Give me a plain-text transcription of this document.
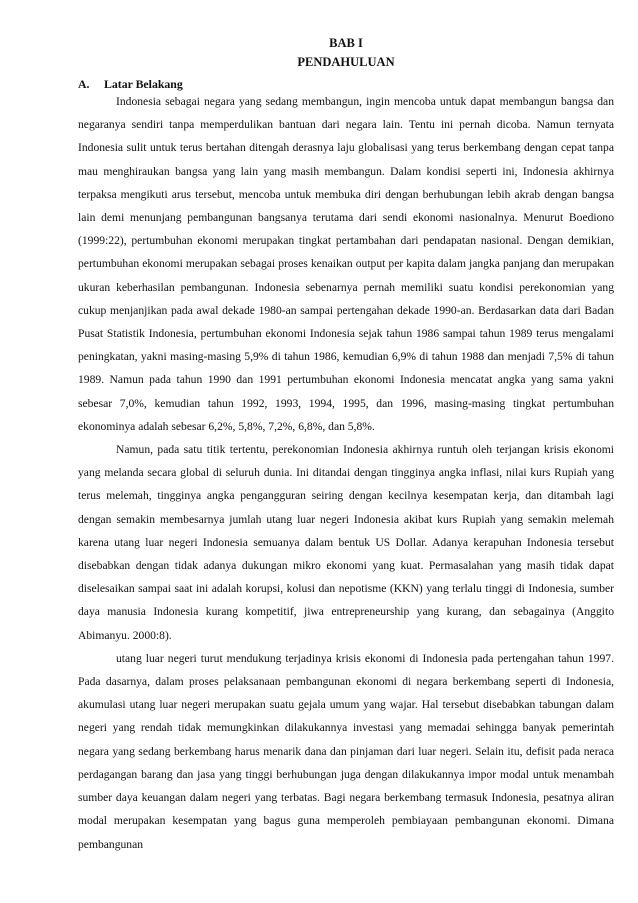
BAB I
PENDAHULUAN
A.	Latar Belakang

Indonesia sebagai negara yang sedang membangun, ingin mencoba untuk dapat membangun bangsa dan negaranya sendiri tanpa memperdulikan bantuan dari negara lain. Tentu ini pernah dicoba. Namun ternyata Indonesia sulit untuk terus bertahan ditengah derasnya laju globalisasi yang terus berkembang dengan cepat tanpa mau menghiraukan bangsa yang lain yang masih membangun. Dalam kondisi seperti ini, Indonesia akhirnya terpaksa mengikuti arus tersebut, mencoba untuk membuka diri dengan berhubungan lebih akrab dengan bangsa lain demi menunjang pembangunan bangsanya terutama dari sendi ekonomi nasionalnya. Menurut Boediono (1999:22), pertumbuhan ekonomi merupakan tingkat pertambahan dari pendapatan nasional. Dengan demikian, pertumbuhan ekonomi merupakan sebagai proses kenaikan output per kapita dalam jangka panjang dan merupakan ukuran keberhasilan pembangunan. Indonesia sebenarnya pernah memiliki suatu kondisi perekonomian yang cukup menjanjikan pada awal dekade 1980-an sampai pertengahan dekade 1990-an. Berdasarkan data dari Badan Pusat Statistik Indonesia, pertumbuhan ekonomi Indonesia sejak tahun 1986 sampai tahun 1989 terus mengalami peningkatan, yakni masing-masing 5,9% di tahun 1986, kemudian 6,9% di tahun 1988 dan menjadi 7,5% di tahun 1989. Namun pada tahun 1990 dan 1991 pertumbuhan ekonomi Indonesia mencatat angka yang sama yakni sebesar 7,0%, kemudian tahun 1992, 1993, 1994, 1995, dan 1996, masing-masing tingkat pertumbuhan ekonominya adalah sebesar 6,2%, 5,8%, 7,2%, 6,8%, dan 5,8%.

Namun, pada satu titik tertentu, perekonomian Indonesia akhirnya runtuh oleh terjangan krisis ekonomi yang melanda secara global di seluruh dunia. Ini ditandai dengan tingginya angka inflasi, nilai kurs Rupiah yang terus melemah, tingginya angka pengangguran seiring dengan kecilnya kesempatan kerja, dan ditambah lagi dengan semakin membesarnya jumlah utang luar negeri Indonesia akibat kurs Rupiah yang semakin melemah karena utang luar negeri Indonesia semuanya dalam bentuk US Dollar. Adanya kerapuhan Indonesia tersebut disebabkan dengan tidak adanya dukungan mikro ekonomi yang kuat. Permasalahan yang masih tidak dapat diselesaikan sampai saat ini adalah korupsi, kolusi dan nepotisme (KKN) yang terlalu tinggi di Indonesia, sumber daya manusia Indonesia kurang kompetitif, jiwa entrepreneurship yang kurang, dan sebagainya (Anggito Abimanyu. 2000:8).

utang luar negeri turut mendukung terjadinya krisis ekonomi di Indonesia pada pertengahan tahun 1997. Pada dasarnya, dalam proses pelaksanaan pembangunan ekonomi di negara berkembang seperti di Indonesia, akumulasi utang luar negeri merupakan suatu gejala umum yang wajar. Hal tersebut disebabkan tabungan dalam negeri yang rendah tidak memungkinkan dilakukannya investasi yang memadai sehingga banyak pemerintah negara yang sedang berkembang harus menarik dana dan pinjaman dari luar negeri. Selain itu, defisit pada neraca perdagangan barang dan jasa yang tinggi berhubungan juga dengan dilakukannya impor modal untuk menambah sumber daya keuangan dalam negeri yang terbatas. Bagi negara berkembang termasuk Indonesia, pesatnya aliran modal merupakan kesempatan yang bagus guna memperoleh pembiayaan pembangunan ekonomi. Dimana pembangunan
